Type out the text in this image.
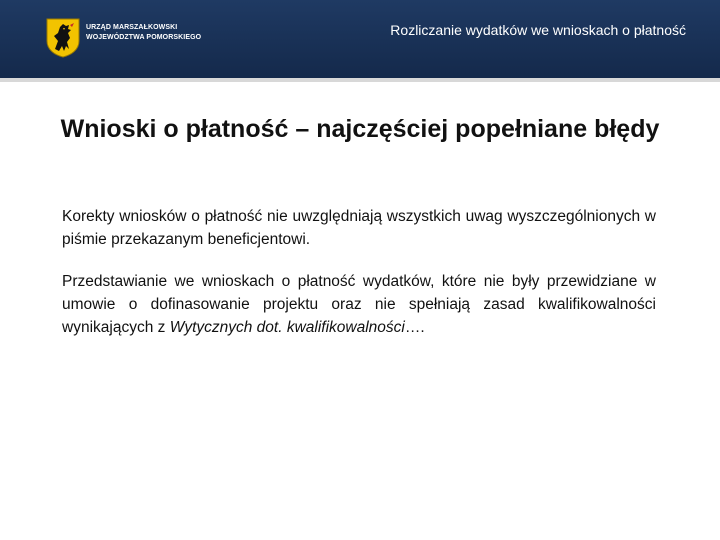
URZĄD MARSZAŁKOWSKI
WOJEWÓDZTWA POMORSKIEGO	Rozliczanie wydatków we wnioskach o płatność
Wnioski o płatność – najczęściej popełniane błędy

Korekty wniosków o płatność nie uwzględniają wszystkich uwag wyszczególnionych w piśmie przekazanym beneficjentowi.

Przedstawianie we wnioskach o płatność wydatków, które nie były przewidziane w umowie o dofinasowanie projektu oraz nie spełniają zasad kwalifikowalności wynikających z Wytycznych dot. kwalifikowalności….
